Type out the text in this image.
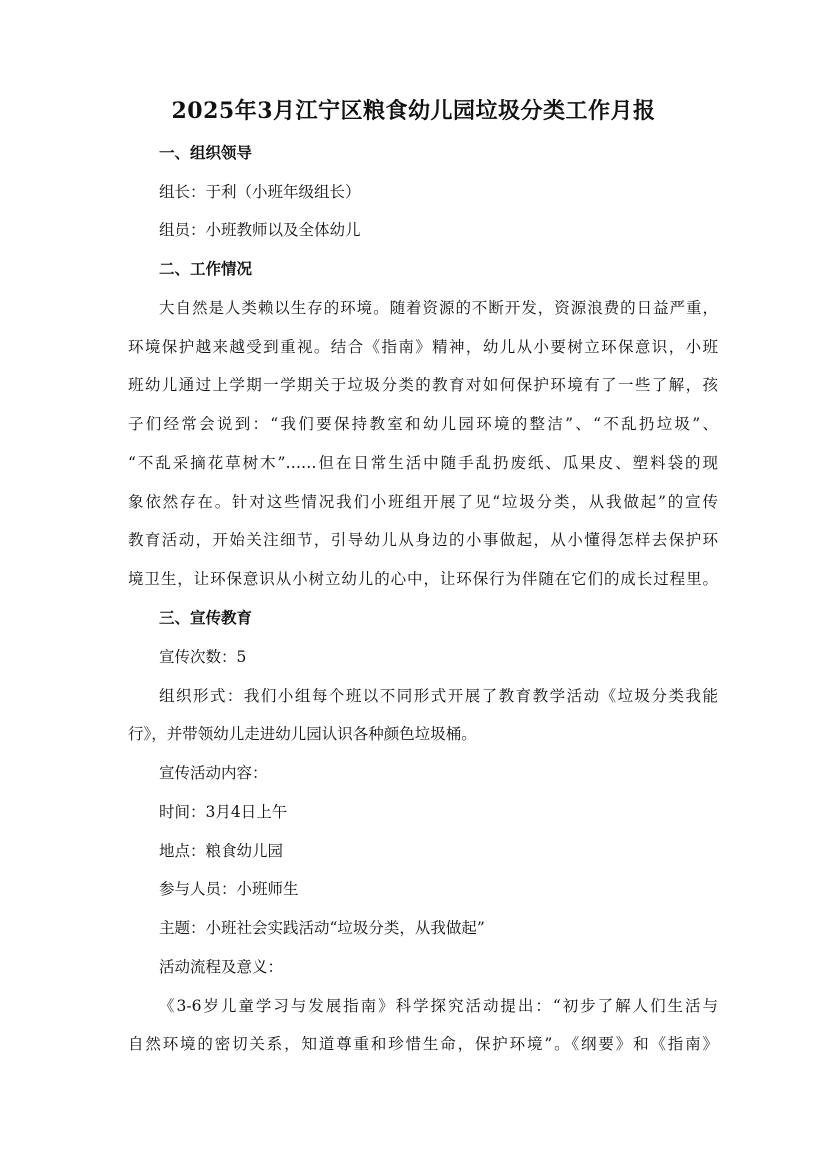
2025年3月江宁区粮食幼儿园垃圾分类工作月报
一、组织领导
组长：于利（小班年级组长）
组员：小班教师以及全体幼儿
二、工作情况
大自然是人类赖以生存的环境。随着资源的不断开发，资源浪费的日益严重，
环境保护越来越受到重视。结合《指南》精神，幼儿从小要树立环保意识，小班
班幼儿通过上学期一学期关于垃圾分类的教育对如何保护环境有了一些了解，孩
子们经常会说到：“我们要保持教室和幼儿园环境的整洁”、“不乱扔垃圾”、
“不乱采摘花草树木”……但在日常生活中随手乱扔废纸、瓜果皮、塑料袋的现
象依然存在。针对这些情况我们小班组开展了见“垃圾分类，从我做起”的宣传
教育活动，开始关注细节，引导幼儿从身边的小事做起，从小懂得怎样去保护环
境卫生，让环保意识从小树立幼儿的心中，让环保行为伴随在它们的成长过程里。
三、宣传教育
宣传次数：5
组织形式：我们小组每个班以不同形式开展了教育教学活动《垃圾分类我能
行》，并带领幼儿走进幼儿园认识各种颜色垃圾桶。
宣传活动内容：
时间：3月4日上午
地点：粮食幼儿园
参与人员：小班师生
主题：小班社会实践活动“垃圾分类，从我做起”
活动流程及意义：
《3-6岁儿童学习与发展指南》科学探究活动提出：“初步了解人们生活与
自然环境的密切关系，知道尊重和珍惜生命，保护环境”。《纲要》和《指南》
